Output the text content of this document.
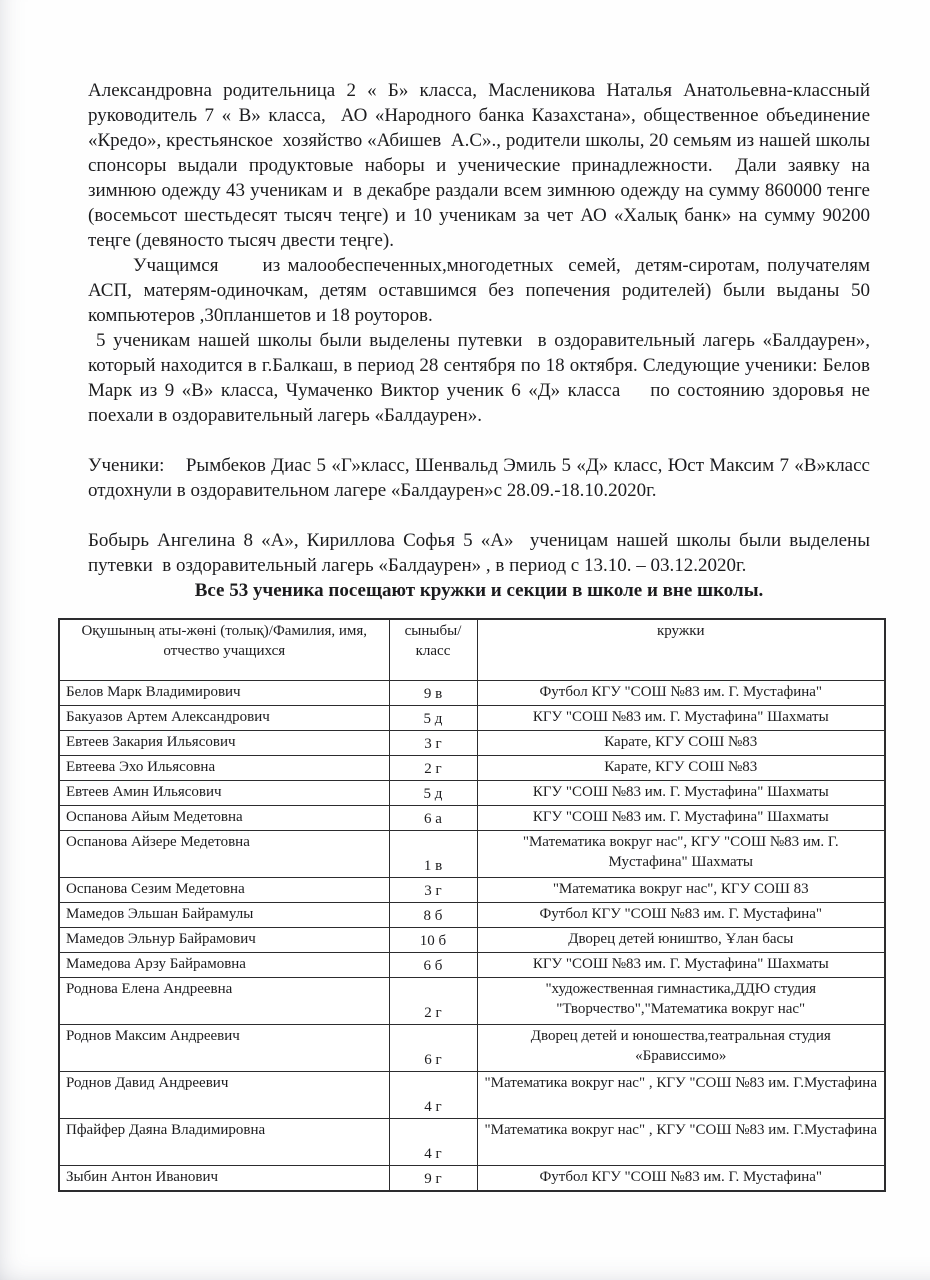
Александровна родительница 2 « Б» класса, Масленикова Наталья Анатольевна-классный руководитель 7 « В» класса,  АО «Народного банка Казахстана», общественное объединение «Кредо», крестьянское  хозяйство «Абишев  А.С»., родители школы, 20 семьям из нашей школы спонсоры выдали продуктовые наборы и ученические принадлежности.  Дали заявку на зимнюю одежду 43 ученикам и  в декабре раздали всем зимнюю одежду на сумму 860000 тенге (восемьсот шестьдесят тысяч теңге) и 10 ученикам за чет АО «Халық банк» на сумму 90200 теңге (девяносто тысяч двести теңге).

Учащимся      из малообеспеченных,многодетных  семей,  детям-сиротам, получателям АСП, матерям-одиночкам, детям оставшимся без попечения родителей) были выданы 50 компьютеров ,30планшетов и 18 роуторов.

5 ученикам нашей школы были выделены путевки  в оздоравительный лагерь «Балдаурен», который находится в г.Балкаш, в период 28 сентября по 18 октября. Следующие ученики: Белов Марк из 9 «В» класса, Чумаченко Виктор ученик 6 «Д» класса    по состоянию здоровья не  поехали в оздоравительный лагерь «Балдаурен».

Ученики:    Рымбеков Диас 5 «Г»класс, Шенвальд Эмиль 5 «Д» класс, Юст Максим 7 «В»класс отдохнули в оздоравительном лагере «Балдаурен»с 28.09.-18.10.2020г.

Бобырь Ангелина 8 «А», Кириллова Софья 5 «А»  ученицам нашей школы были выделены путевки  в оздоравительный лагерь «Балдаурен» , в период с 13.10. – 03.12.2020г.

Все 53 ученика посещают кружки и секции в школе и вне школы.

Оқушының аты-жөні (толық)/Фамилия, имя, отчество учащихся	сыныбы/ класс	кружки
Белов Марк Владимирович	9 в	Футбол КГУ "СОШ №83 им. Г. Мустафина"
Бакуазов Артем Александрович	5 д	КГУ "СОШ №83 им. Г. Мустафина" Шахматы
Евтеев Закария Ильясович	3 г	Карате, КГУ СОШ №83
Евтеева Эхо Ильясовна	2 г	Карате, КГУ СОШ №83
Евтеев Амин Ильясович	5 д	КГУ "СОШ №83 им. Г. Мустафина" Шахматы
Оспанова Айым Медетовна	6 а	КГУ "СОШ №83 им. Г. Мустафина" Шахматы
Оспанова Айзере Медетовна	1 в	"Математика вокруг нас", КГУ "СОШ №83 им. Г. Мустафина" Шахматы
Оспанова Сезим Медетовна	3 г	"Математика вокруг нас", КГУ СОШ 83
Мамедов Эльшан Байрамулы	8 б	Футбол КГУ "СОШ №83 им. Г. Мустафина"
Мамедов Эльнур Байрамович	10 б	Дворец детей юништво, Ұлан басы
Мамедова Арзу Байрамовна	6 б	КГУ "СОШ №83 им. Г. Мустафина" Шахматы
Роднова Елена Андреевна	2 г	"художественная гимнастика,ДДЮ студия "Творчество","Математика вокруг нас"
Роднов Максим Андреевич	6 г	Дворец детей и юношества,театральная студия «Брависсимо»
Роднов Давид Андреевич	4 г	"Математика вокруг нас" , КГУ "СОШ №83 им. Г.Мустафина
Пфайфер Даяна Владимировна	4 г	"Математика вокруг нас" , КГУ "СОШ №83 им. Г.Мустафина
Зыбин Антон Иванович	9 г	Футбол КГУ "СОШ №83 им. Г. Мустафина"
